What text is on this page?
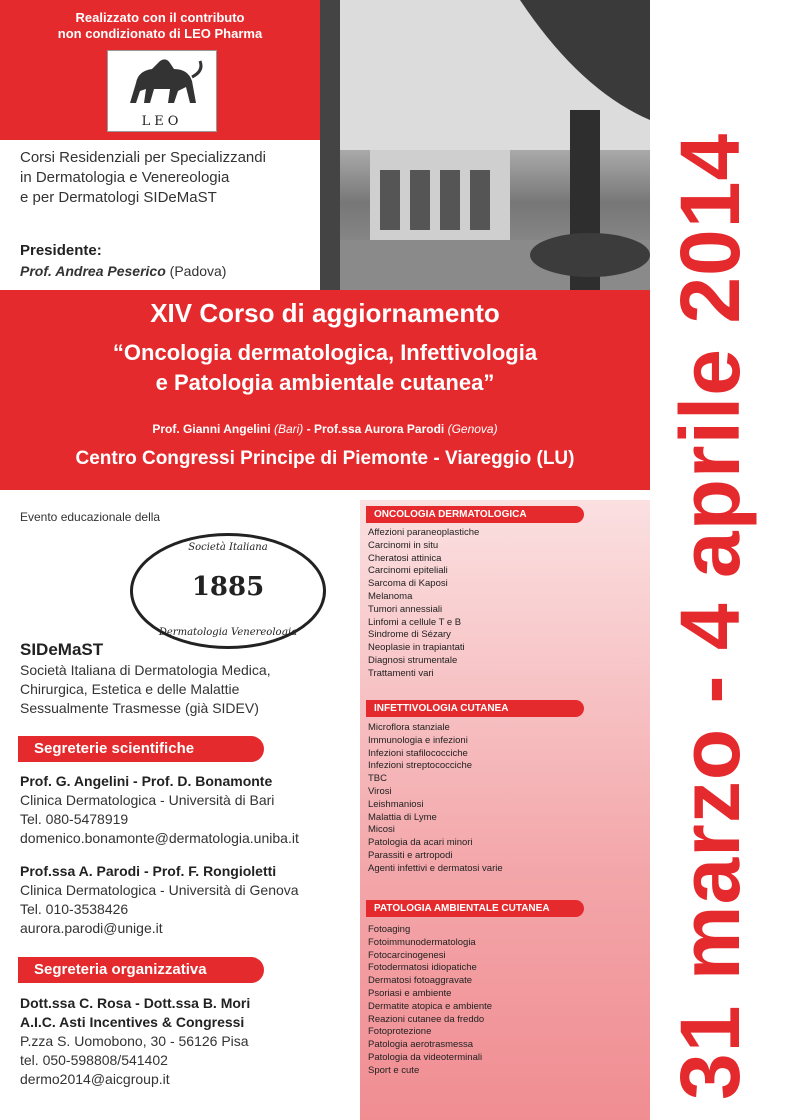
31 marzo - 4 aprile 2014
Realizzato con il contributo
non condizionato di LEO Pharma
LEO
Corsi Residenziali per Specializzandi
in Dermatologia e Venereologia
e per Dermatologi SIDeMaST
Presidente:
Prof. Andrea Peserico (Padova)
XIV Corso di aggiornamento
“Oncologia dermatologica, Infettivologia
e Patologia ambientale cutanea”
Prof. Gianni Angelini (Bari) - Prof.ssa Aurora Parodi (Genova)
Centro Congressi Principe di Piemonte - Viareggio (LU)
Evento educazionale della
Società Italiana
1885
Dermatologia Venereologia
SIDeMaST
Società Italiana di Dermatologia Medica,
Chirurgica, Estetica e delle Malattie
Sessualmente Trasmesse (già SIDEV)
Segreterie scientifiche
Prof. G. Angelini - Prof. D. Bonamonte
Clinica Dermatologica - Università di Bari
Tel. 080-5478919
domenico.bonamonte@dermatologia.uniba.it
Prof.ssa A. Parodi - Prof. F. Rongioletti
Clinica Dermatologica - Università di Genova
Tel. 010-3538426
aurora.parodi@unige.it
Segreteria organizzativa
Dott.ssa C. Rosa - Dott.ssa B. Mori
A.I.C. Asti Incentives & Congressi
P.zza S. Uomobono, 30 - 56126 Pisa
tel. 050-598808/541402
dermo2014@aicgroup.it
ONCOLOGIA DERMATOLOGICA
Affezioni paraneoplastiche
Carcinomi in situ
Cheratosi attinica
Carcinomi epiteliali
Sarcoma di Kaposi
Melanoma
Tumori annessiali
Linfomi a cellule T e B
Sindrome di Sézary
Neoplasie in trapiantati
Diagnosi strumentale
Trattamenti vari
INFETTIVOLOGIA CUTANEA
Microflora stanziale
Immunologia e infezioni
Infezioni stafilococciche
Infezioni streptococciche
TBC
Virosi
Leishmaniosi
Malattia di Lyme
Micosi
Patologia da acari minori
Parassiti e artropodi
Agenti infettivi e dermatosi varie
PATOLOGIA AMBIENTALE CUTANEA
Fotoaging
Fotoimmunodermatologia
Fotocarcinogenesi
Fotodermatosi idiopatiche
Dermatosi fotoaggravate
Psoriasi e ambiente
Dermatite atopica e ambiente
Reazioni cutanee da freddo
Fotoprotezione
Patologia aerotrasmessa
Patologia da videoterminali
Sport e cute
